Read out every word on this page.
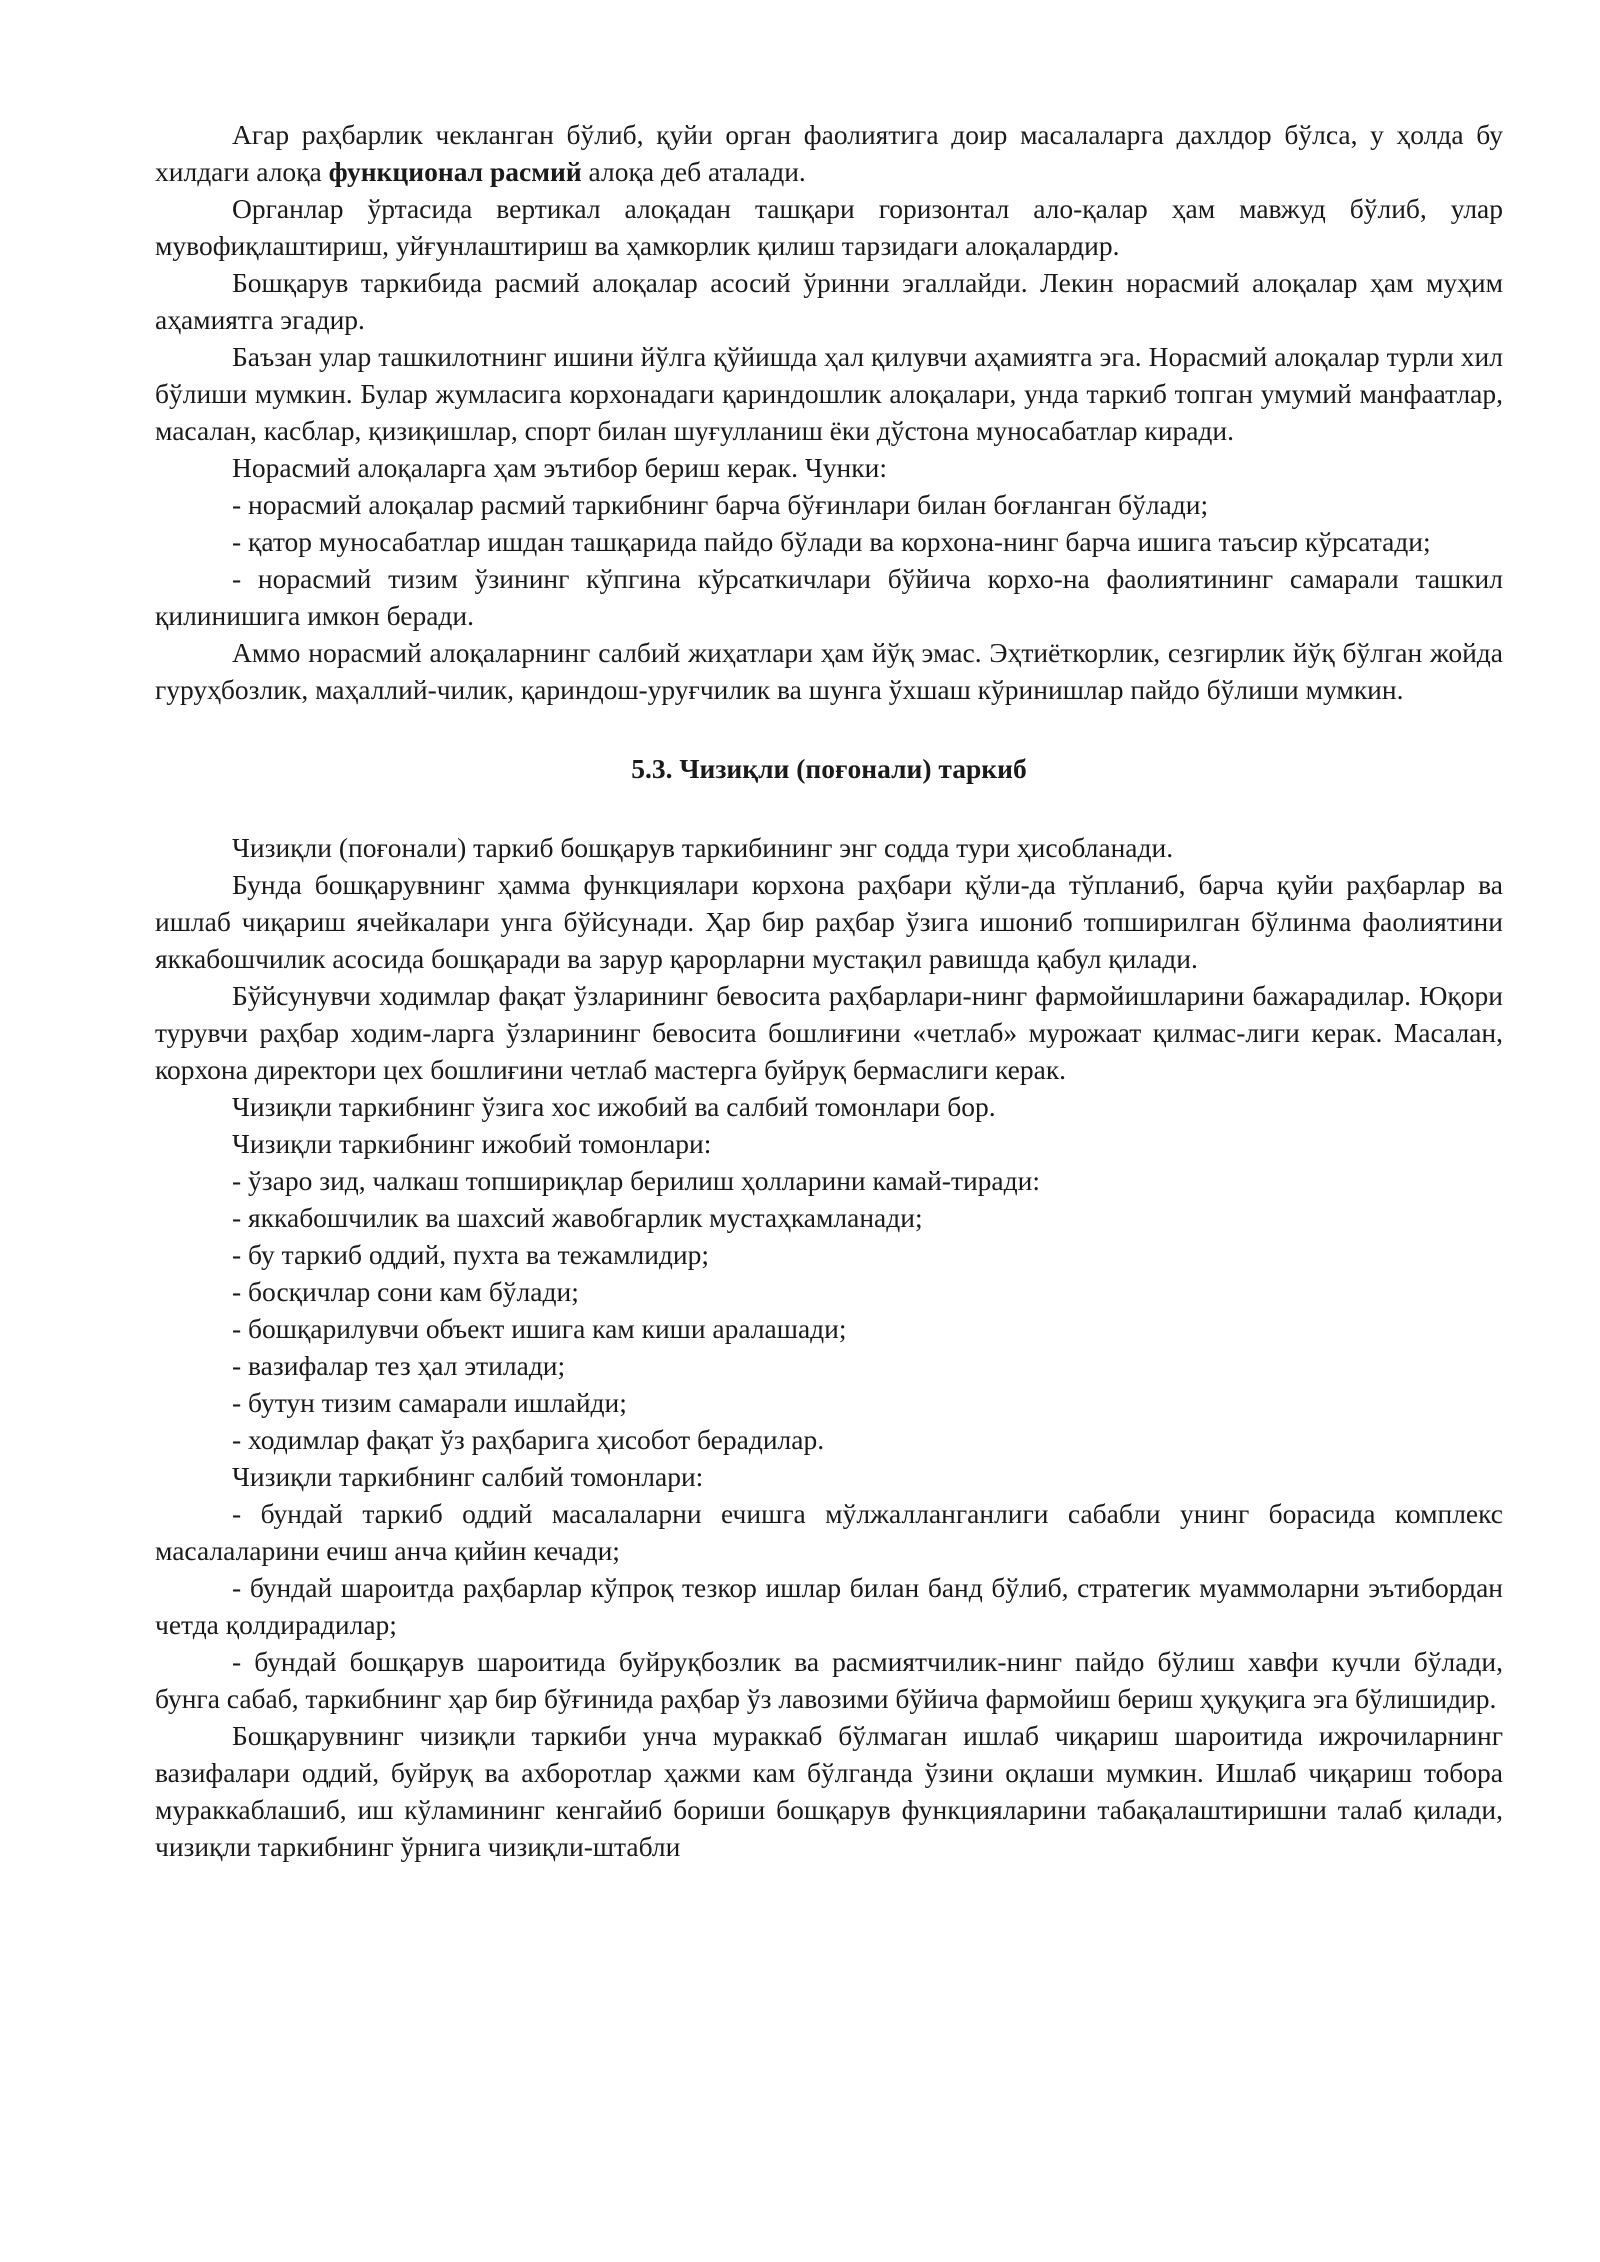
Агар раҳбарлик чекланган бўлиб, қуйи орган фаолиятига доир масалаларга дахлдор бўлса, у ҳолда бу хилдаги алоқа функционал расмий алоқа деб аталади.

Органлар ўртасида вертикал алоқадан ташқари горизонтал ало-қалар ҳам мавжуд бўлиб, улар мувофиқлаштириш, уйғунлаштириш ва ҳамкорлик қилиш тарзидаги алоқалардир.

Бошқарув таркибида расмий алоқалар асосий ўринни эгаллайди. Лекин норасмий алоқалар ҳам муҳим аҳамиятга эгадир.

Баъзан улар ташкилотнинг ишини йўлга қўйишда ҳал қилувчи аҳамиятга эга. Норасмий алоқалар турли хил бўлиши мумкин. Булар жумласига корхонадаги қариндошлик алоқалари, унда таркиб топган умумий манфаатлар, масалан, касблар, қизиқишлар, спорт билан шуғулланиш ёки дўстона муносабатлар киради.

Норасмий алоқаларга ҳам эътибор бериш керак. Чунки:

- норасмий алоқалар расмий таркибнинг барча бўғинлари билан боғланган бўлади;

- қатор муносабатлар ишдан ташқарида пайдо бўлади ва корхона-нинг барча ишига таъсир кўрсатади;

- норасмий тизим ўзининг кўпгина кўрсаткичлари бўйича корхо-на фаолиятининг самарали ташкил қилинишига имкон беради.

Аммо норасмий алоқаларнинг салбий жиҳатлари ҳам йўқ эмас. Эҳтиёткорлик, сезгирлик йўқ бўлган жойда гуруҳбозлик, маҳаллий-чилик, қариндош-уруғчилик ва шунга ўхшаш кўринишлар пайдо бўлиши мумкин.

5.3. Чизиқли (поғонали) таркиб

Чизиқли (поғонали) таркиб бошқарув таркибининг энг содда тури ҳисобланади.

Бунда бошқарувнинг ҳамма функциялари корхона раҳбари қўли-да тўпланиб, барча қуйи раҳбарлар ва ишлаб чиқариш ячейкалари унга бўйсунади. Ҳар бир раҳбар ўзига ишониб топширилган бўлинма фаолиятини яккабошчилик асосида бошқаради ва зарур қарорларни мустақил равишда қабул қилади.

Бўйсунувчи ходимлар фақат ўзларининг бевосита раҳбарлари-нинг фармойишларини бажарадилар. Юқори турувчи раҳбар ходим-ларга ўзларининг бевосита бошлиғини «четлаб» мурожаат қилмас-лиги керак. Масалан, корхона директори цех бошлиғини четлаб мастерга буйруқ бермаслиги керак.

Чизиқли таркибнинг ўзига хос ижобий ва салбий томонлари бор.

Чизиқли таркибнинг ижобий томонлари:

- ўзаро зид, чалкаш топшириқлар берилиш ҳолларини камай-тиради:

- яккабошчилик ва шахсий жавобгарлик мустаҳкамланади;

- бу таркиб оддий, пухта ва тежамлидир;

- босқичлар сони кам бўлади;

- бошқарилувчи объект ишига кам киши аралашади;

- вазифалар тез ҳал этилади;

- бутун тизим самарали ишлайди;

- ходимлар фақат ўз раҳбарига ҳисобот берадилар.

Чизиқли таркибнинг салбий томонлари:

- бундай таркиб оддий масалаларни ечишга мўлжалланганлиги сабабли унинг борасида комплекс масалаларини ечиш анча қийин кечади;

- бундай шароитда раҳбарлар кўпроқ тезкор ишлар билан банд бўлиб, стратегик муаммоларни эътибордан четда қолдирадилар;

- бундай бошқарув шароитида буйруқбозлик ва расмиятчилик-нинг пайдо бўлиш хавфи кучли бўлади, бунга сабаб, таркибнинг ҳар бир бўғинида раҳбар ўз лавозими бўйича фармойиш бериш ҳуқуқига эга бўлишидир.

Бошқарувнинг чизиқли таркиби унча мураккаб бўлмаган ишлаб чиқариш шароитида ижрочиларнинг вазифалари оддий, буйруқ ва ахборотлар ҳажми кам бўлганда ўзини оқлаши мумкин. Ишлаб чиқариш тобора мураккаблашиб, иш кўламининг кенгайиб бориши бошқарув функцияларини табақалаштиришни талаб қилади, чизиқли таркибнинг ўрнига чизиқли-штабли
